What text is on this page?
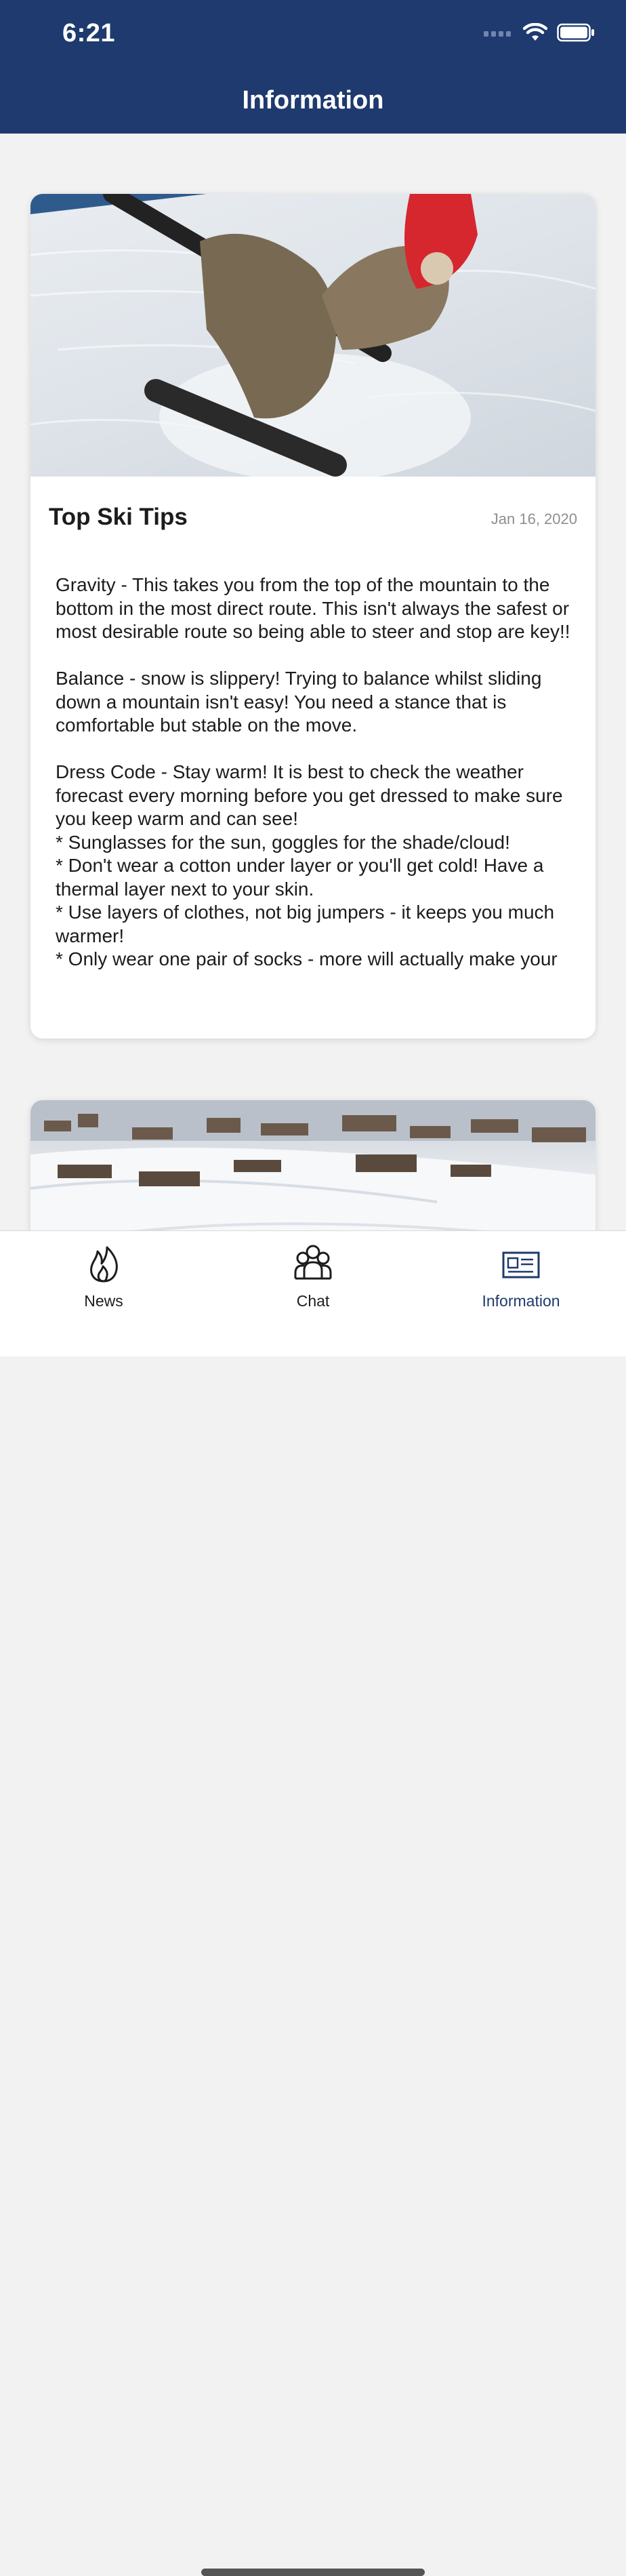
6:21
Information
Top Ski Tips	Jan 16, 2020
Gravity - This takes you from the top of the mountain to the bottom in the most direct route. This isn't always the safest or most desirable route so being able to steer and stop are key!!

Balance - snow is slippery! Trying to balance whilst sliding down a mountain isn't easy! You need a stance that is comfortable but stable on the move.

Dress Code - Stay warm! It is best to check the weather forecast every morning before you get dressed to make sure you keep warm and can see!
* Sunglasses for the sun, goggles for the shade/cloud!
* Don't wear a cotton under layer or you'll get cold! Have a thermal layer next to your skin.
* Use layers of clothes, not big jumpers - it keeps you much warmer!
* Only wear one pair of socks - more will actually make your

News	Chat	Information
